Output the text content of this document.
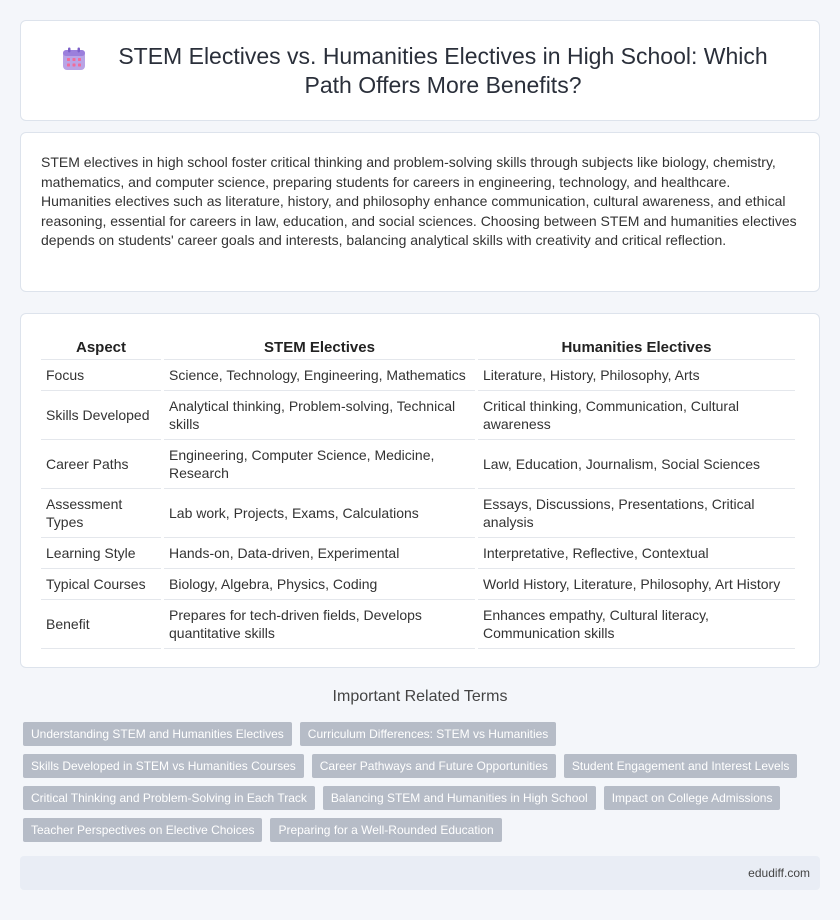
STEM Electives vs. Humanities Electives in High School: Which Path Offers More Benefits?

STEM electives in high school foster critical thinking and problem-solving skills through subjects like biology, chemistry, mathematics, and computer science, preparing students for careers in engineering, technology, and healthcare. Humanities electives such as literature, history, and philosophy enhance communication, cultural awareness, and ethical reasoning, essential for careers in law, education, and social sciences. Choosing between STEM and humanities electives depends on students' career goals and interests, balancing analytical skills with creativity and critical reflection.

Aspect	STEM Electives	Humanities Electives
Focus	Science, Technology, Engineering, Mathematics	Literature, History, Philosophy, Arts
Skills Developed	Analytical thinking, Problem-solving, Technical skills	Critical thinking, Communication, Cultural awareness
Career Paths	Engineering, Computer Science, Medicine, Research	Law, Education, Journalism, Social Sciences
Assessment Types	Lab work, Projects, Exams, Calculations	Essays, Discussions, Presentations, Critical analysis
Learning Style	Hands-on, Data-driven, Experimental	Interpretative, Reflective, Contextual
Typical Courses	Biology, Algebra, Physics, Coding	World History, Literature, Philosophy, Art History
Benefit	Prepares for tech-driven fields, Develops quantitative skills	Enhances empathy, Cultural literacy, Communication skills
Important Related Terms
Understanding STEM and Humanities Electives	Curriculum Differences: STEM vs Humanities
Skills Developed in STEM vs Humanities Courses	Career Pathways and Future Opportunities	Student Engagement and Interest Levels
Critical Thinking and Problem-Solving in Each Track	Balancing STEM and Humanities in High School	Impact on College Admissions
Teacher Perspectives on Elective Choices	Preparing for a Well-Rounded Education
edudiff.com
